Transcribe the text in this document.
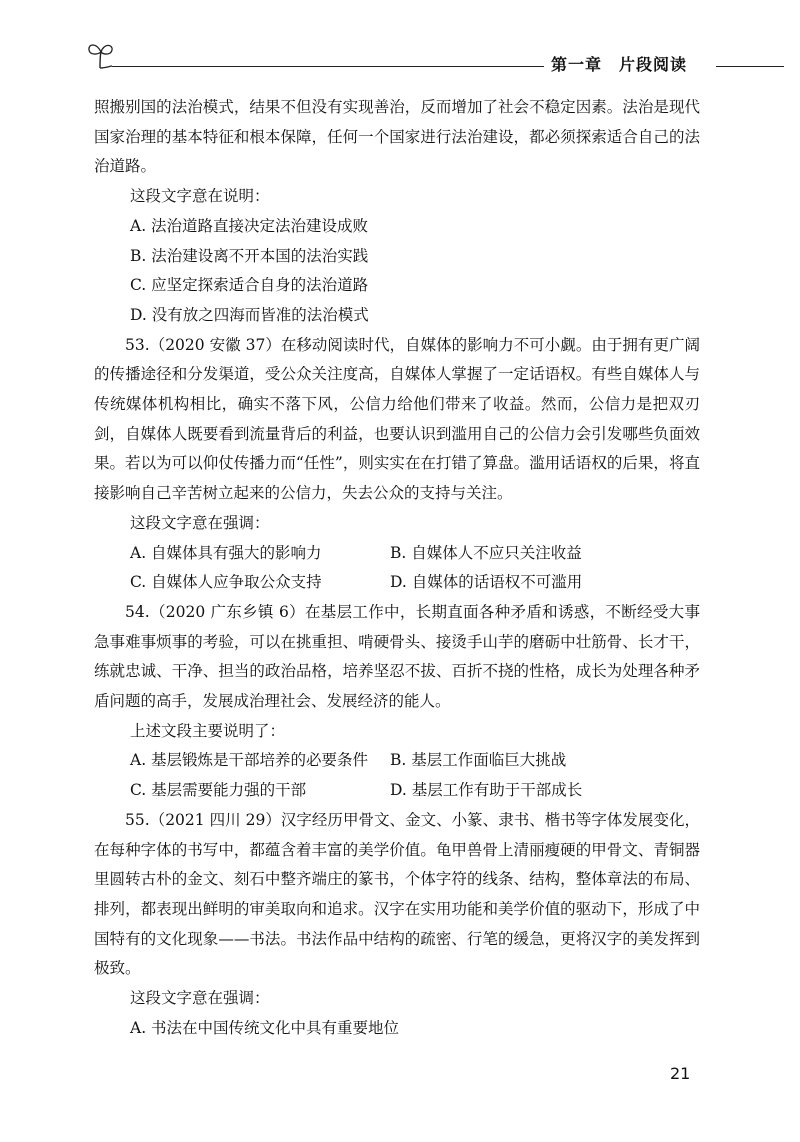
第一章　片段阅读

照搬别国的法治模式，结果不但没有实现善治，反而增加了社会不稳定因素。法治是现代国家治理的基本特征和根本保障，任何一个国家进行法治建设，都必须探索适合自己的法治道路。

这段文字意在说明：

A. 法治道路直接决定法治建设成败

B. 法治建设离不开本国的法治实践

C. 应坚定探索适合自身的法治道路

D. 没有放之四海而皆准的法治模式

53.（2020 安徽 37）在移动阅读时代，自媒体的影响力不可小觑。由于拥有更广阔的传播途径和分发渠道，受公众关注度高，自媒体人掌握了一定话语权。有些自媒体人与传统媒体机构相比，确实不落下风，公信力给他们带来了收益。然而，公信力是把双刃剑，自媒体人既要看到流量背后的利益，也要认识到滥用自己的公信力会引发哪些负面效果。若以为可以仰仗传播力而“任性”，则实实在在打错了算盘。滥用话语权的后果，将直接影响自己辛苦树立起来的公信力，失去公众的支持与关注。

这段文字意在强调：

A. 自媒体具有强大的影响力	B. 自媒体人不应只关注收益
C. 自媒体人应争取公众支持	D. 自媒体的话语权不可滥用

54.（2020 广东乡镇 6）在基层工作中，长期直面各种矛盾和诱惑，不断经受大事急事难事烦事的考验，可以在挑重担、啃硬骨头、接烫手山芋的磨砺中壮筋骨、长才干，练就忠诚、干净、担当的政治品格，培养坚忍不拔、百折不挠的性格，成长为处理各种矛盾问题的高手，发展成治理社会、发展经济的能人。

上述文段主要说明了：

A. 基层锻炼是干部培养的必要条件	B. 基层工作面临巨大挑战
C. 基层需要能力强的干部	D. 基层工作有助于干部成长

55.（2021 四川 29）汉字经历甲骨文、金文、小篆、隶书、楷书等字体发展变化，在每种字体的书写中，都蕴含着丰富的美学价值。龟甲兽骨上清丽瘦硬的甲骨文、青铜器里圆转古朴的金文、刻石中整齐端庄的篆书，个体字符的线条、结构，整体章法的布局、排列，都表现出鲜明的审美取向和追求。汉字在实用功能和美学价值的驱动下，形成了中国特有的文化现象——书法。书法作品中结构的疏密、行笔的缓急，更将汉字的美发挥到极致。

这段文字意在强调：

A. 书法在中国传统文化中具有重要地位

21
